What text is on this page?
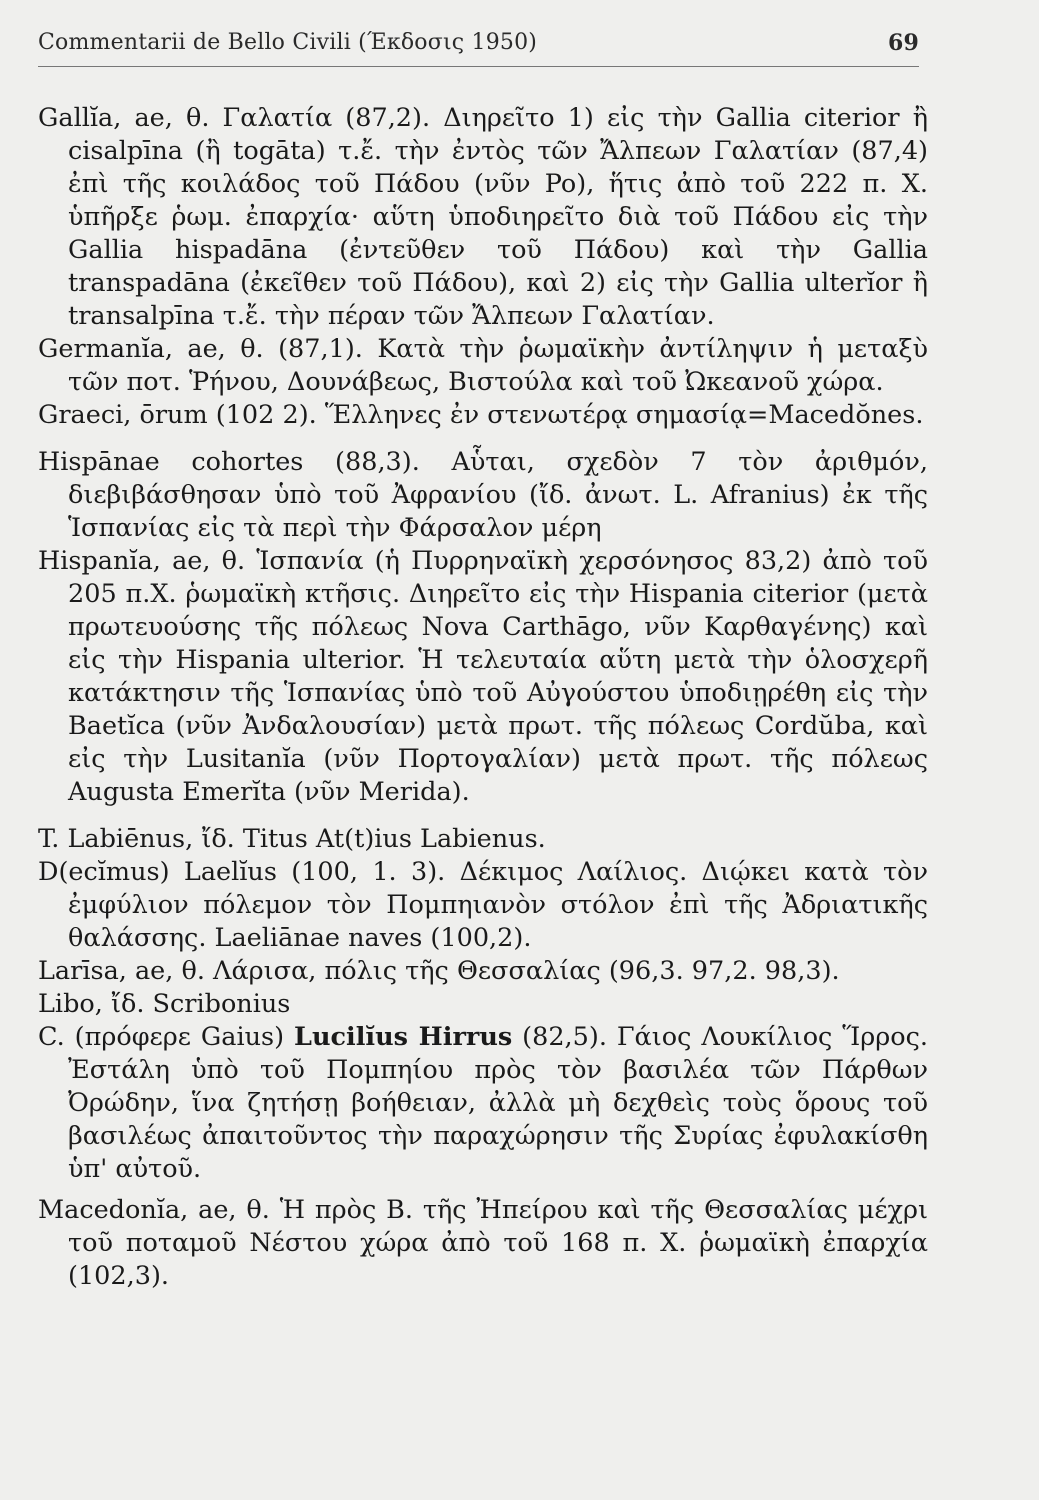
Commentarii de Bello Civili (Έκδοσις 1950)	69

Gallĭa, ae, θ. Γαλατία (87,2). Διηρεῖτο 1) εἰς τὴν Gallia citerior ἢ cisalpīna (ἢ togāta) τ.ἔ. τὴν ἐντὸς τῶν Ἄλπεων Γαλατίαν (87,4) ἐπὶ τῆς κοιλάδος τοῦ Πάδου (νῦν Po), ἥτις ἀπὸ τοῦ 222 π. Χ. ὑπῆρξε ῥωμ. ἐπαρχία· αὕτη ὑποδιηρεῖτο διὰ τοῦ Πάδου εἰς τὴν Gallia hispadāna (ἐντεῦθεν τοῦ Πάδου) καὶ τὴν Gallia transpadāna (ἐκεῖθεν τοῦ Πάδου), καὶ 2) εἰς τὴν Gallia ulterĭor ἢ transalpīna τ.ἔ. τὴν πέραν τῶν Ἄλπεων Γαλατίαν.

Germanĭa, ae, θ. (87,1). Κατὰ τὴν ῥωμαϊκὴν ἀντίληψιν ἡ μεταξὺ τῶν ποτ. Ῥήνου, Δουνάβεως, Βιστούλα καὶ τοῦ Ὠκεανοῦ χώρα.

Graeci, ōrum (102 2). Ἕλληνες ἐν στενωτέρᾳ σημασίᾳ=Macedŏnes.

Hispānae cohortes (88,3). Αὗται, σχεδὸν 7 τὸν ἀριθμόν, διεβιβάσθησαν ὑπὸ τοῦ Ἀφρανίου (ἴδ. ἀνωτ. L. Afranius) ἐκ τῆς Ἱσπανίας εἰς τὰ περὶ τὴν Φάρσαλον μέρη

Hispanĭa, ae, θ. Ἱσπανία (ἡ Πυρρηναϊκὴ χερσόνησος 83,2) ἀπὸ τοῦ 205 π.Χ. ῥωμαϊκὴ κτῆσις. Διηρεῖτο εἰς τὴν Hispania citerior (μετὰ πρωτευούσης τῆς πόλεως Nova Carthāgo, νῦν Καρθαγένης) καὶ εἰς τὴν Hispania ulterior. Ἡ τελευταία αὕτη μετὰ τὴν ὁλοσχερῆ κατάκτησιν τῆς Ἱσπανίας ὑπὸ τοῦ Αὐγούστου ὑποδιῃρέθη εἰς τὴν Baetĭca (νῦν Ἀνδαλουσίαν) μετὰ πρωτ. τῆς πόλεως Cordŭba, καὶ εἰς τὴν Lusitanĭa (νῦν Πορτογαλίαν) μετὰ πρωτ. τῆς πόλεως Augusta Emerĭta (νῦν Merida).

T. Labiēnus, ἴδ. Titus At(t)ius Labienus.

D(ecĭmus) Laelĭus (100, 1. 3). Δέκιμος Λαίλιος. Διῴκει κατὰ τὸν ἐμφύλιον πόλεμον τὸν Πομπηιανὸν στόλον ἐπὶ τῆς Ἀδριατικῆς θαλάσσης. Laeliānae naves (100,2).

Larīsa, ae, θ. Λάρισα, πόλις τῆς Θεσσαλίας (96,3. 97,2. 98,3).

Libo, ἴδ. Scribonius

C. (πρόφερε Gaius) Lucilĭus Hirrus (82,5). Γάιος Λουκίλιος Ἵρρος. Ἐστάλη ὑπὸ τοῦ Πομπηίου πρὸς τὸν βασιλέα τῶν Πάρθων Ὀρώδην, ἵνα ζητήσῃ βοήθειαν, ἀλλὰ μὴ δεχθεὶς τοὺς ὅρους τοῦ βασιλέως ἀπαιτοῦντος τὴν παραχώρησιν τῆς Συρίας ἐφυλακίσθη ὑπ' αὐτοῦ.

Macedonĭa, ae, θ. Ἡ πρὸς Β. τῆς Ἠπείρου καὶ τῆς Θεσσαλίας μέχρι τοῦ ποταμοῦ Νέστου χώρα ἀπὸ τοῦ 168 π. Χ. ῥωμαϊκὴ ἐπαρχία (102,3).
